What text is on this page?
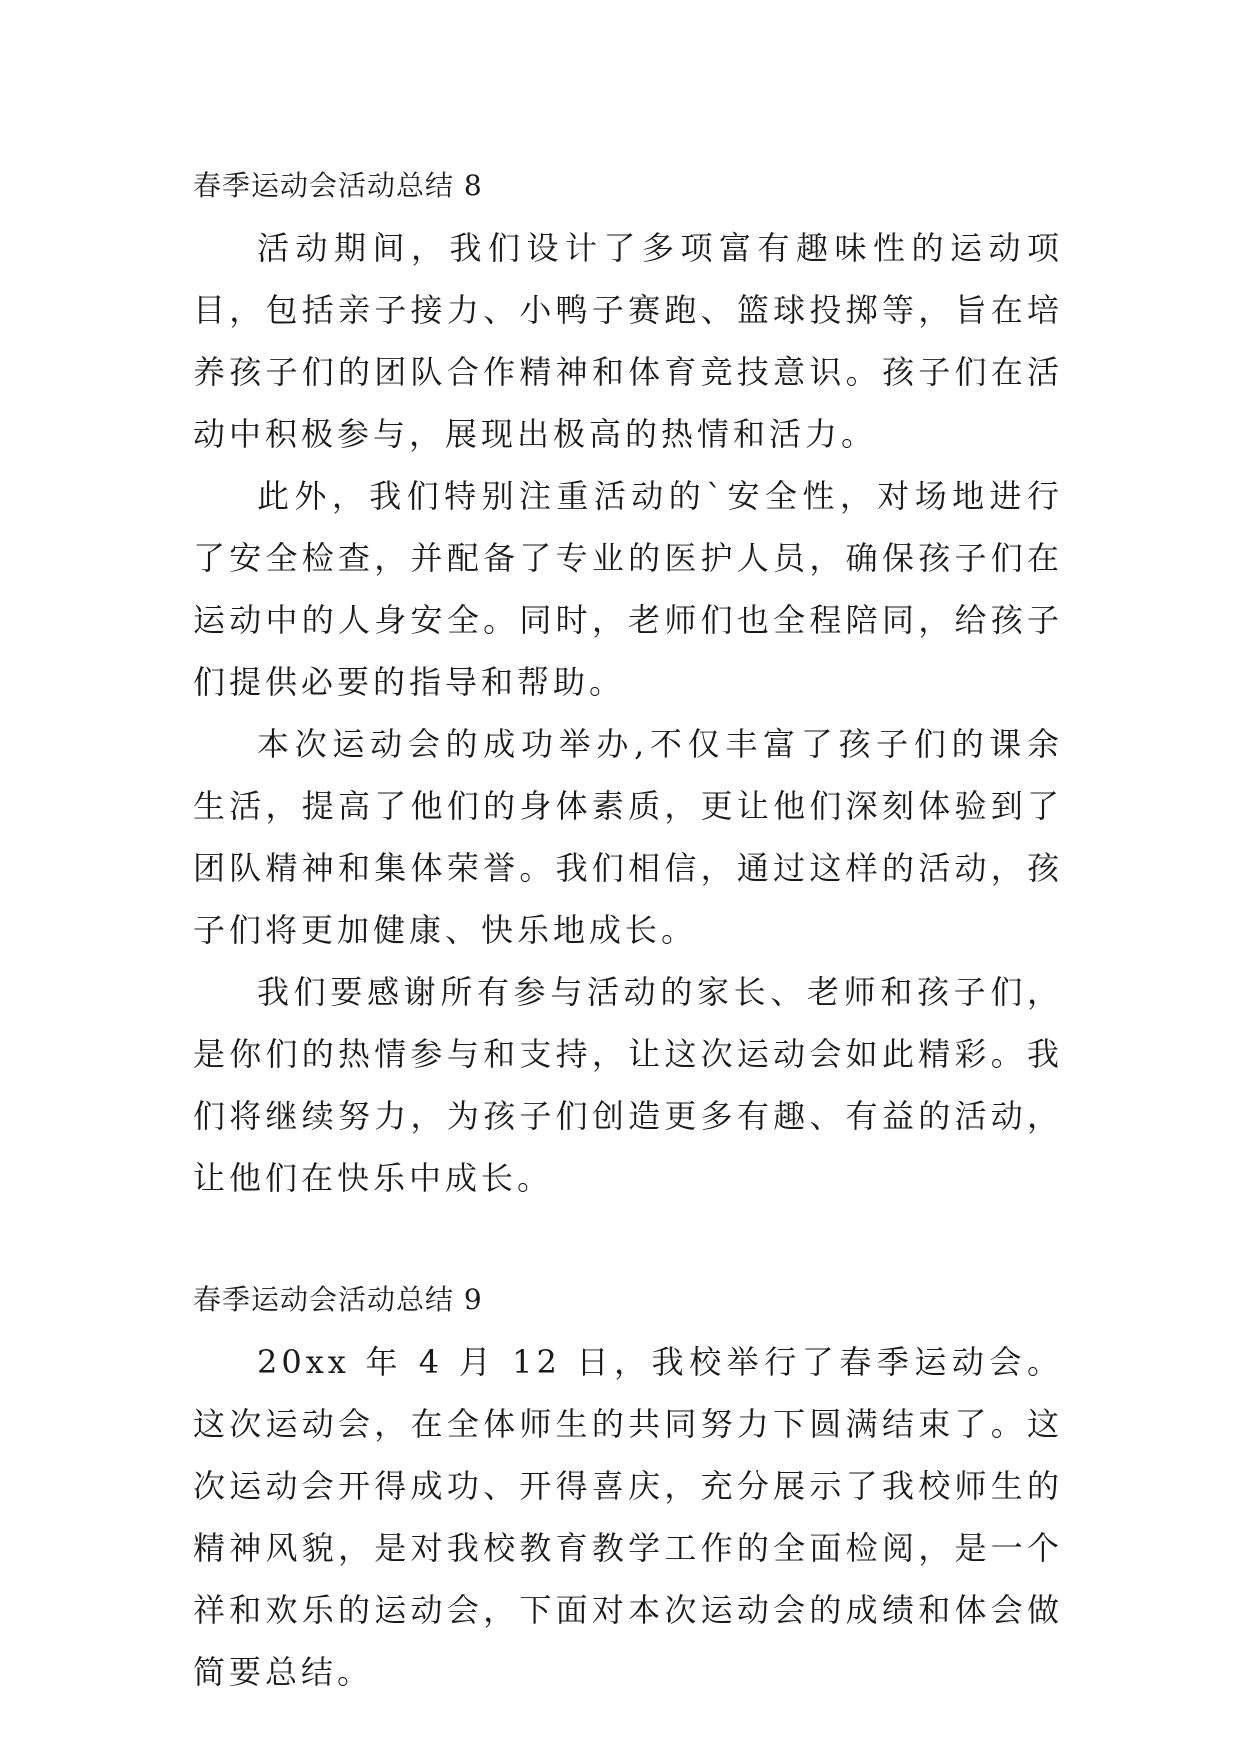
春季运动会活动总结 8

活动期间，我们设计了多项富有趣味性的运动项目，包括亲子接力、小鸭子赛跑、篮球投掷等，旨在培养孩子们的团队合作精神和体育竞技意识。孩子们在活动中积极参与，展现出极高的热情和活力。

此外，我们特别注重活动的`安全性，对场地进行了安全检查，并配备了专业的医护人员，确保孩子们在运动中的人身安全。同时，老师们也全程陪同，给孩子们提供必要的指导和帮助。

本次运动会的成功举办,不仅丰富了孩子们的课余生活，提高了他们的身体素质，更让他们深刻体验到了团队精神和集体荣誉。我们相信，通过这样的活动，孩子们将更加健康、快乐地成长。

我们要感谢所有参与活动的家长、老师和孩子们，是你们的热情参与和支持，让这次运动会如此精彩。我们将继续努力，为孩子们创造更多有趣、有益的活动，让他们在快乐中成长。

春季运动会活动总结 9

20xx 年 4 月 12 日，我校举行了春季运动会。这次运动会，在全体师生的共同努力下圆满结束了。这次运动会开得成功、开得喜庆，充分展示了我校师生的精神风貌，是对我校教育教学工作的全面检阅，是一个祥和欢乐的运动会，下面对本次运动会的成绩和体会做简要总结。
